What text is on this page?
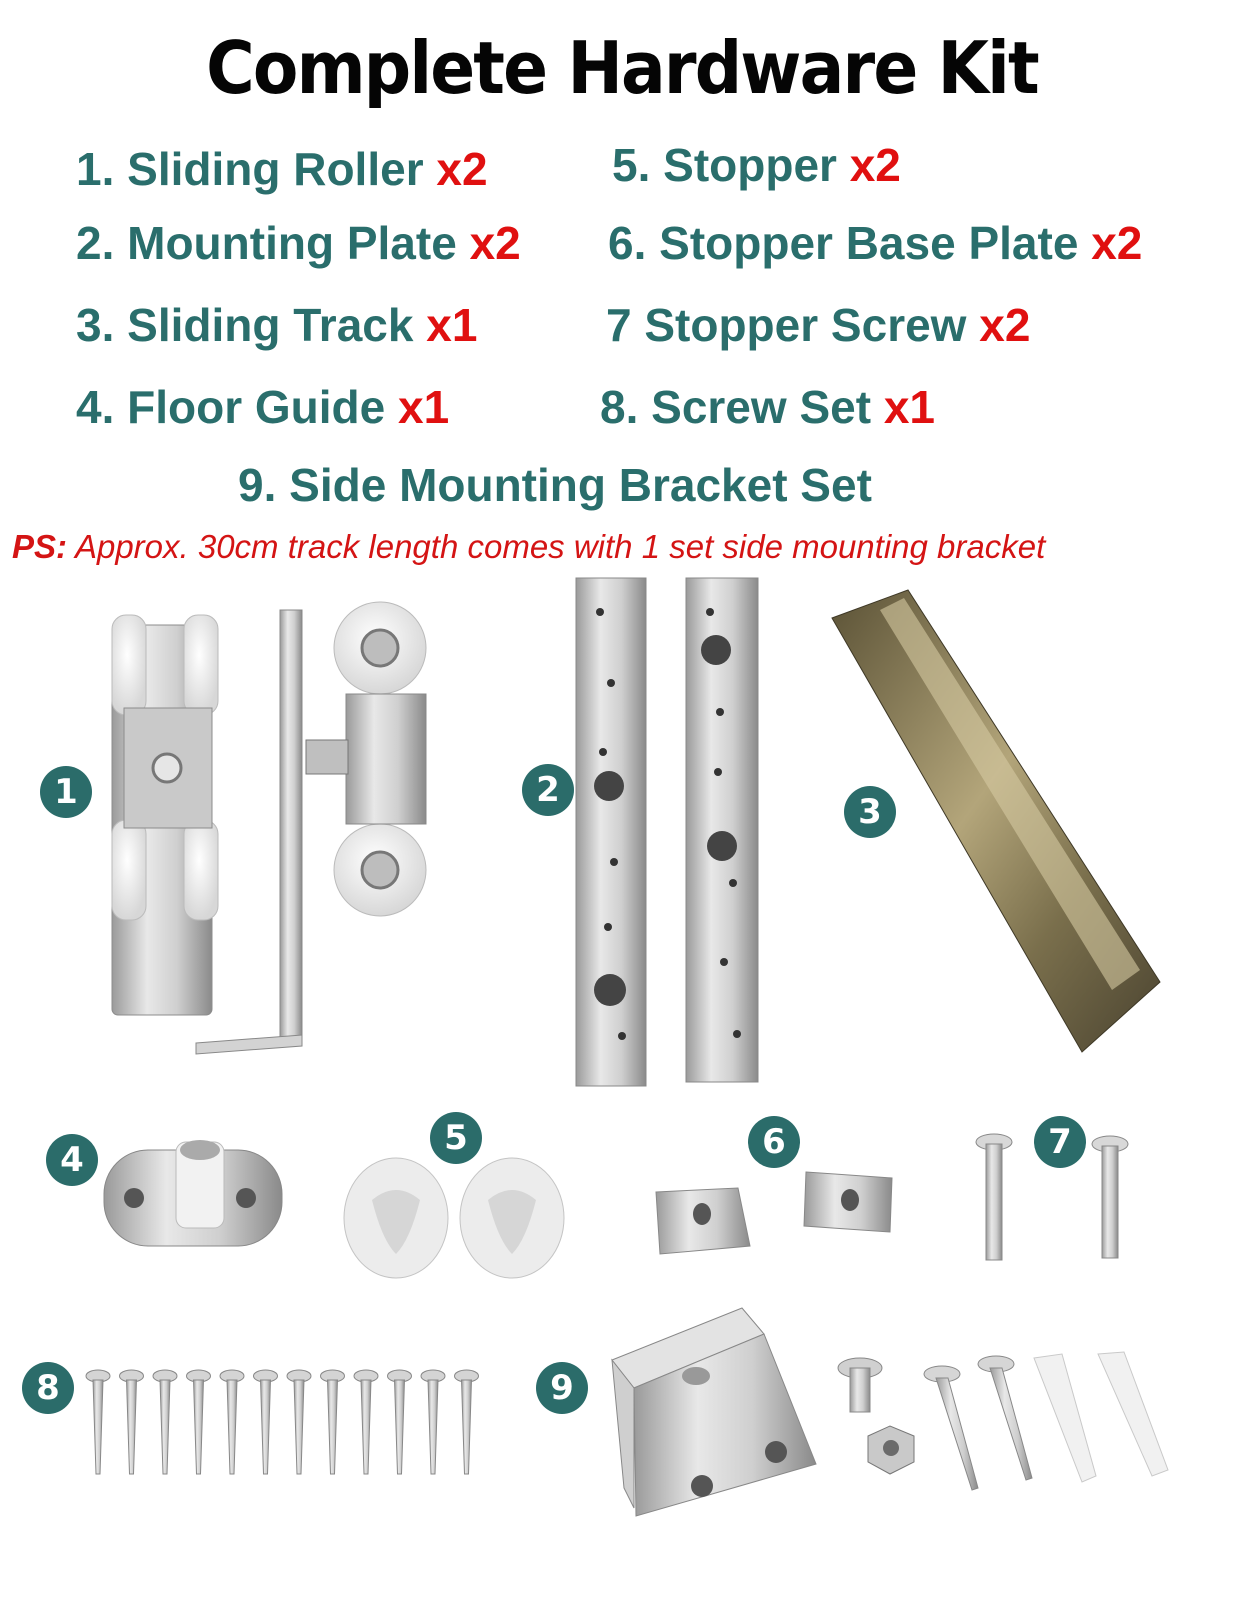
Complete Hardware Kit
1. Sliding Roller x2
2. Mounting Plate x2
3. Sliding Track x1
4. Floor Guide x1
5. Stopper x2
6. Stopper Base Plate x2
7 Stopper Screw x2
8. Screw Set x1
9. Side Mounting Bracket Set
PS: Approx. 30cm track length comes with 1 set side mounting bracket
1	2
3
4
5	6	7
8	9
